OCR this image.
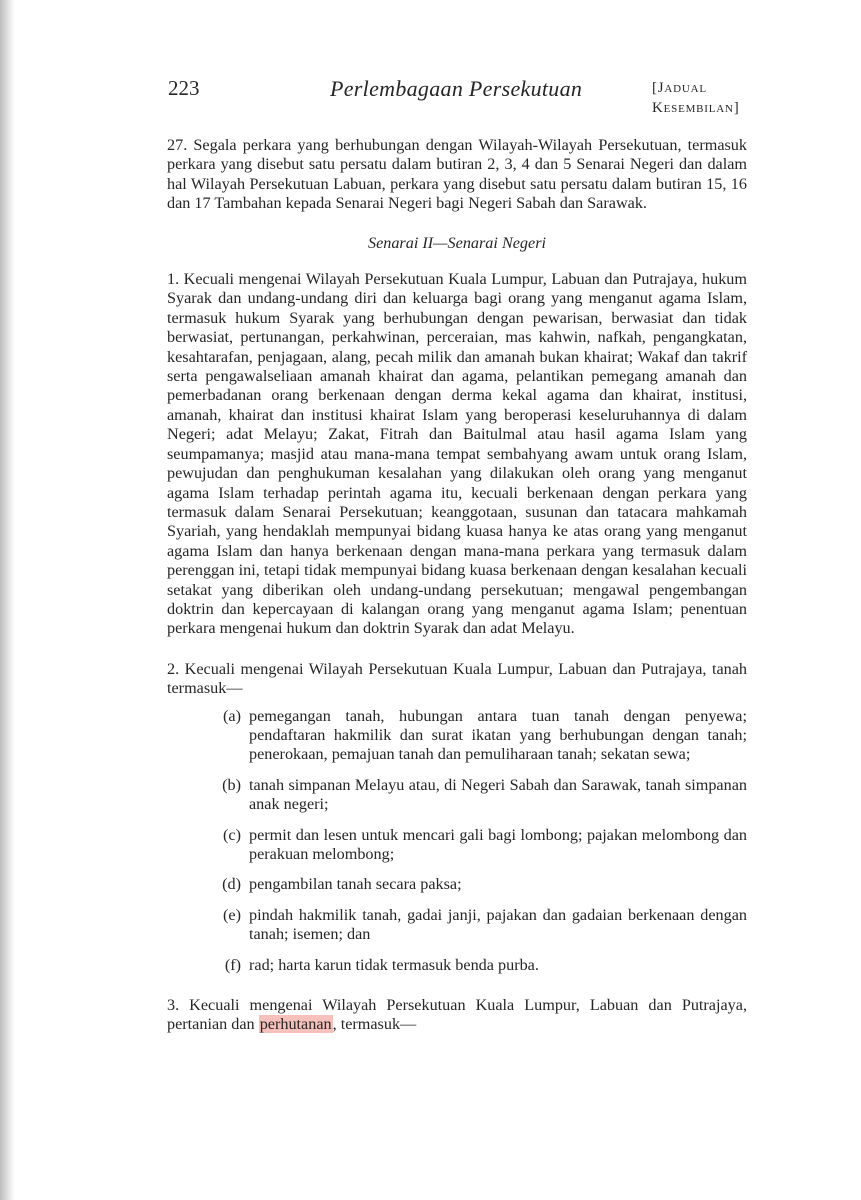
223	Perlembagaan Persekutuan	[Jadual
Kesembilan]

27. Segala perkara yang berhubungan dengan Wilayah-Wilayah Persekutuan, termasuk perkara yang disebut satu persatu dalam butiran 2, 3, 4 dan 5 Senarai Negeri dan dalam hal Wilayah Persekutuan Labuan, perkara yang disebut satu persatu dalam butiran 15, 16 dan 17 Tambahan kepada Senarai Negeri bagi Negeri Sabah dan Sarawak.

Senarai II—Senarai Negeri

1. Kecuali mengenai Wilayah Persekutuan Kuala Lumpur, Labuan dan Putrajaya, hukum Syarak dan undang-undang diri dan keluarga bagi orang yang menganut agama Islam, termasuk hukum Syarak yang berhubungan dengan pewarisan, berwasiat dan tidak berwasiat, pertunangan, perkahwinan, perceraian, mas kahwin, nafkah, pengangkatan, kesahtarafan, penjagaan, alang, pecah milik dan amanah bukan khairat; Wakaf dan takrif serta pengawalseliaan amanah khairat dan agama, pelantikan pemegang amanah dan pemerbadanan orang berkenaan dengan derma kekal agama dan khairat, institusi, amanah, khairat dan institusi khairat Islam yang beroperasi keseluruhannya di dalam Negeri; adat Melayu; Zakat, Fitrah dan Baitulmal atau hasil agama Islam yang seumpamanya; masjid atau mana-mana tempat sembahyang awam untuk orang Islam, pewujudan dan penghukuman kesalahan yang dilakukan oleh orang yang menganut agama Islam terhadap perintah agama itu, kecuali berkenaan dengan perkara yang termasuk dalam Senarai Persekutuan; keanggotaan, susunan dan tatacara mahkamah Syariah, yang hendaklah mempunyai bidang kuasa hanya ke atas orang yang menganut agama Islam dan hanya berkenaan dengan mana-mana perkara yang termasuk dalam perenggan ini, tetapi tidak mempunyai bidang kuasa berkenaan dengan kesalahan kecuali setakat yang diberikan oleh undang-undang persekutuan; mengawal pengembangan doktrin dan kepercayaan di kalangan orang yang menganut agama Islam; penentuan perkara mengenai hukum dan doktrin Syarak dan adat Melayu.

2. Kecuali mengenai Wilayah Persekutuan Kuala Lumpur, Labuan dan Putrajaya, tanah termasuk—

(a) pemegangan tanah, hubungan antara tuan tanah dengan penyewa; pendaftaran hakmilik dan surat ikatan yang berhubungan dengan tanah; penerokaan, pemajuan tanah dan pemuliharaan tanah; sekatan sewa;
(b) tanah simpanan Melayu atau, di Negeri Sabah dan Sarawak, tanah simpanan anak negeri;
(c) permit dan lesen untuk mencari gali bagi lombong; pajakan melombong dan perakuan melombong;
(d) pengambilan tanah secara paksa;
(e) pindah hakmilik tanah, gadai janji, pajakan dan gadaian berkenaan dengan tanah; isemen; dan
(f) rad; harta karun tidak termasuk benda purba.

3. Kecuali mengenai Wilayah Persekutuan Kuala Lumpur, Labuan dan Putrajaya, pertanian dan perhutanan, termasuk—
